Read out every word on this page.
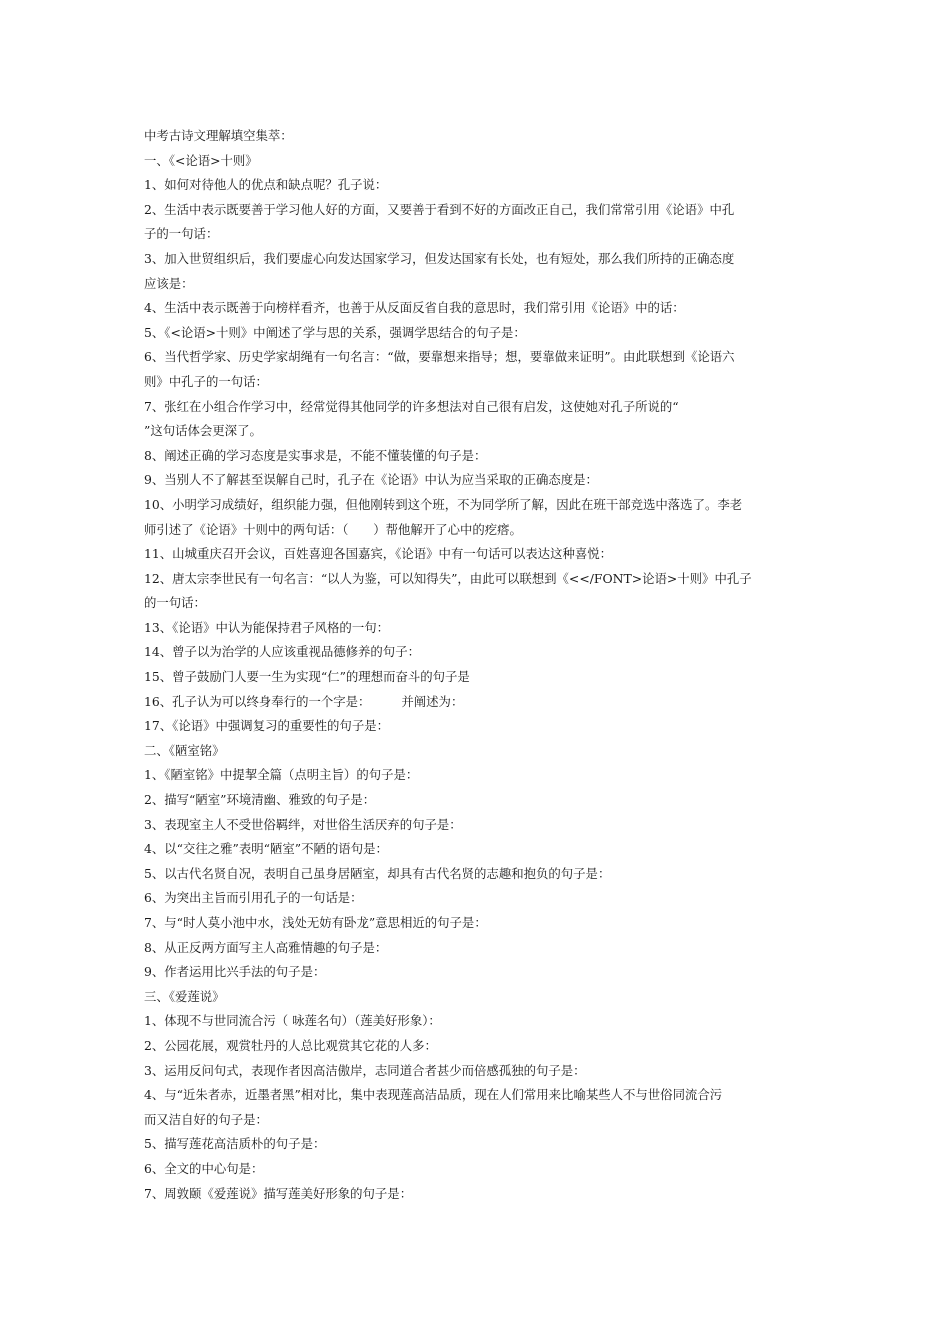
中考古诗文理解填空集萃：
一、《<论语>十则》
1、如何对待他人的优点和缺点呢？孔子说：
2、生活中表示既要善于学习他人好的方面，又要善于看到不好的方面改正自己，我们常常引用《论语》中孔
子的一句话：
3、加入世贸组织后，我们要虚心向发达国家学习，但发达国家有长处，也有短处，那么我们所持的正确态度
应该是：
4、生活中表示既善于向榜样看齐，也善于从反面反省自我的意思时，我们常引用《论语》中的话：
5、《<论语>十则》中阐述了学与思的关系，强调学思结合的句子是：
6、当代哲学家、历史学家胡绳有一句名言：“做，要靠想来指导；想，要靠做来证明”。由此联想到《论语六
则》中孔子的一句话：
7、张红在小组合作学习中，经常觉得其他同学的许多想法对自己很有启发，这使她对孔子所说的“
”这句话体会更深了。
8、阐述正确的学习态度是实事求是，不能不懂装懂的句子是：
9、当别人不了解甚至误解自己时，孔子在《论语》中认为应当采取的正确态度是：
10、小明学习成绩好，组织能力强，但他刚转到这个班，不为同学所了解，因此在班干部竞选中落选了。李老
师引述了《论语》十则中的两句话：（　　）帮他解开了心中的疙瘩。
11、山城重庆召开会议，百姓喜迎各国嘉宾，《论语》中有一句话可以表达这种喜悦：
12、唐太宗李世民有一句名言：“以人为鉴，可以知得失”，由此可以联想到《<</FONT>论语>十则》中孔子
的一句话：
13、《论语》中认为能保持君子风格的一句：
14、曾子以为治学的人应该重视品德修养的句子：
15、曾子鼓励门人要一生为实现“仁”的理想而奋斗的句子是
16、孔子认为可以终身奉行的一个字是：　　　并阐述为：
17、《论语》中强调复习的重要性的句子是：
二、《陋室铭》
1、《陋室铭》中提挈全篇（点明主旨）的句子是：
2、描写“陋室”环境清幽、雅致的句子是：
3、表现室主人不受世俗羁绊，对世俗生活厌弃的句子是：
4、以“交往之雅”表明“陋室”不陋的语句是：
5、以古代名贤自况，表明自己虽身居陋室，却具有古代名贤的志趣和抱负的句子是：
6、为突出主旨而引用孔子的一句话是：
7、与“时人莫小池中水，浅处无妨有卧龙”意思相近的句子是：
8、从正反两方面写主人高雅情趣的句子是：
9、作者运用比兴手法的句子是：
三、《爱莲说》
1、体现不与世同流合污（ 咏莲名句）（莲美好形象）：
2、公园花展，观赏牡丹的人总比观赏其它花的人多：
3、运用反问句式，表现作者因高洁傲岸，志同道合者甚少而倍感孤独的句子是：
4、与“近朱者赤，近墨者黑”相对比，集中表现莲高洁品质，现在人们常用来比喻某些人不与世俗同流合污
而又洁自好的句子是：
5、描写莲花高洁质朴的句子是：
6、全文的中心句是：
7、周敦颐《爱莲说》描写莲美好形象的句子是：
